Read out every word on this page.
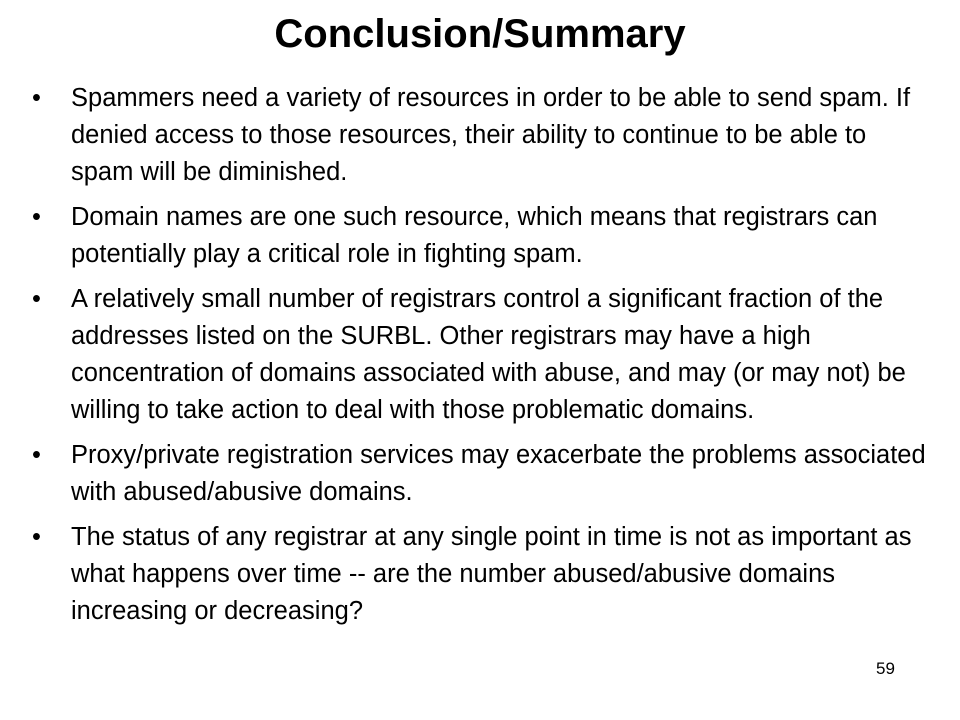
Conclusion/Summary
• Spammers need a variety of resources in order to be able to send spam. If denied access to those resources, their ability to continue to be able to spam will be diminished.
• Domain names are one such resource, which means that registrars can potentially play a critical role in fighting spam.
• A relatively small number of registrars control a significant fraction of the addresses listed on the SURBL. Other registrars may have a high concentration of domains associated with abuse, and may (or may not) be willing to take action to deal with those problematic domains.
• Proxy/private registration services may exacerbate the problems associated with abused/abusive domains.
• The status of any registrar at any single point in time is not as important as what happens over time -- are the number abused/abusive domains increasing or decreasing?
59
